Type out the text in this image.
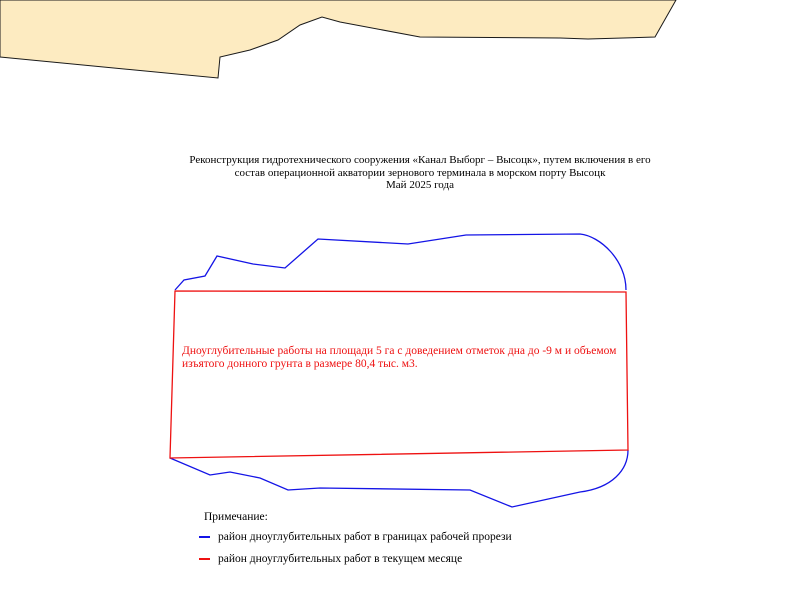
Реконструкция гидротехнического сооружения «Канал Выборг – Высоцк», путем включения в его
состав операционной акватории зернового терминала в морском порту Высоцк
Май 2025 года
Дноуглубительные работы на площади 5 га с доведением отметок дна до -9 м и объемом
изъятого донного грунта в размере 80,4 тыс. м3.
Примечание:
район дноуглубительных работ в границах рабочей прорези
район дноуглубительных работ в текущем месяце
